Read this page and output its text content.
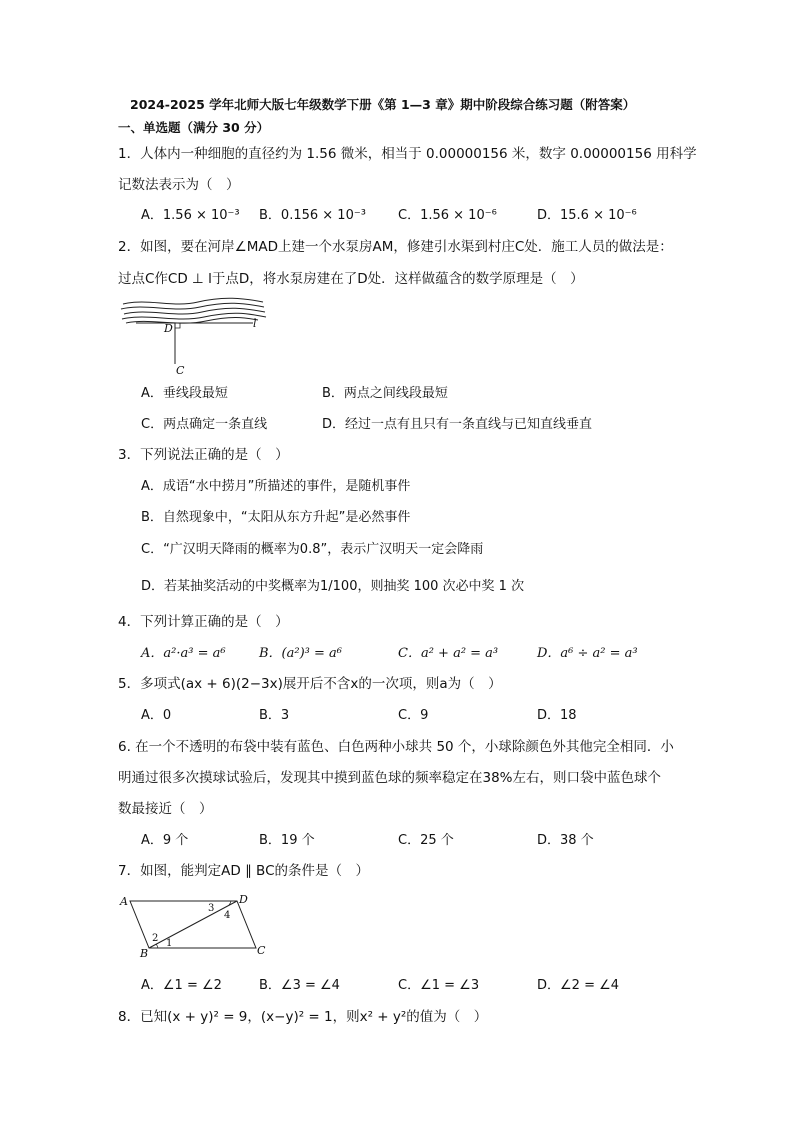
2024-2025 学年北师大版七年级数学下册《第 1—3 章》期中阶段综合练习题（附答案）
一、单选题（满分 30 分）
1．人体内一种细胞的直径约为 1.56 微米，相当于 0.00000156 米，数字 0.00000156 用科学
记数法表示为（　）
A．1.56 × 10⁻³ B．0.156 × 10⁻³ C．1.56 × 10⁻⁶	D．15.6 × 10⁻⁶
2．如图，要在河岸∠MAD上建一个水泵房AM，修建引水渠到村庄C处．施工人员的做法是：
过点C作CD ⊥ l于点D，将水泵房建在了D处．这样做蕴含的数学原理是（　）
D
C
l
A．垂线段最短	B．两点之间线段最短
C．两点确定一条直线	D．经过一点有且只有一条直线与已知直线垂直
3．下列说法正确的是（　）
A．成语“水中捞月”所描述的事件，是随机事件
B．自然现象中，“太阳从东方升起”是必然事件
C．“广汉明天降雨的概率为0.8”，表示广汉明天一定会降雨
D．若某抽奖活动的中奖概率为1/100，则抽奖 100 次必中奖 1 次
4．下列计算正确的是（　）
A．a²·a³ = a⁶	B．(a²)³ = a⁶	C．a² + a² = a³	D．a⁶ ÷ a² = a³
5．多项式(ax + 6)(2−3x)展开后不含x的一次项，则a为（　）
A．0	B．3	C．9	D．18
6. 在一个不透明的布袋中装有蓝色、白色两种小球共 50 个，小球除颜色外其他完全相同．小
明通过很多次摸球试验后，发现其中摸到蓝色球的频率稳定在38%左右，则口袋中蓝色球个
数最接近（　）
A．9 个	B．19 个	C．25 个	D．38 个
7．如图，能判定AD ∥ BC的条件是（　）
A	D
B	C
1
2
3
4
A．∠1 = ∠2	B．∠3 = ∠4	C．∠1 = ∠3	D．∠2 = ∠4
8．已知(x + y)² = 9，(x−y)² = 1，则x² + y²的值为（　）
